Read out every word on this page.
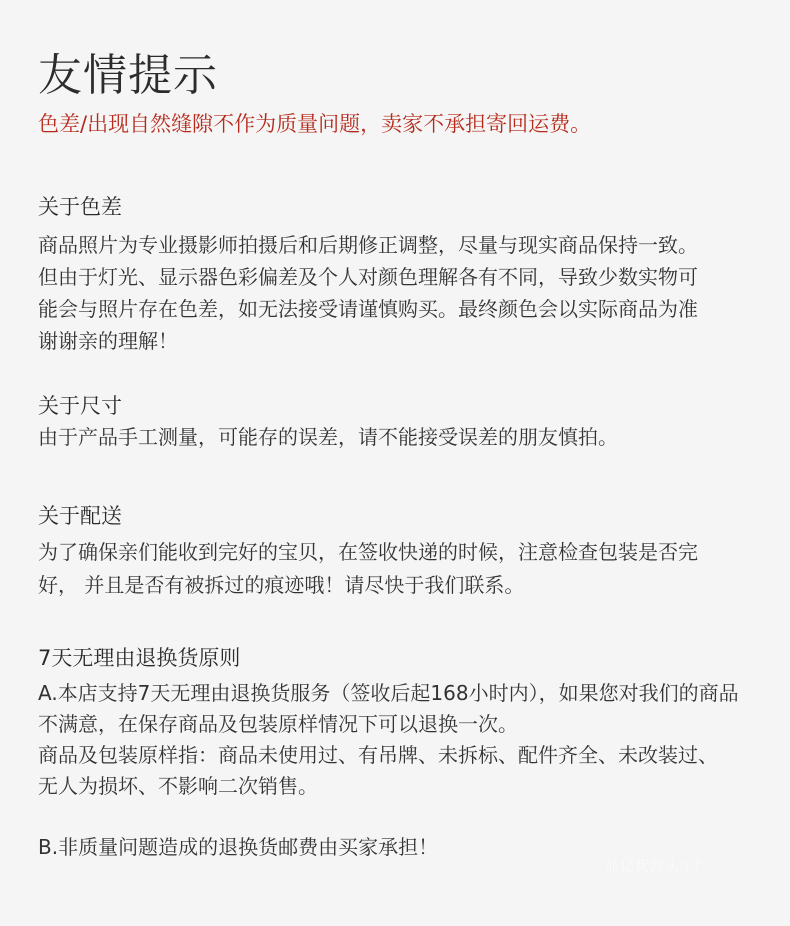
友情提示
色差/出现自然缝隙不作为质量问题，卖家不承担寄回运费。
关于色差
商品照片为专业摄影师拍摄后和后期修正调整，尽量与现实商品保持一致。
但由于灯光、显示器色彩偏差及个人对颜色理解各有不同，导致少数实物可
能会与照片存在色差，如无法接受请谨慎购买。最终颜色会以实际商品为准
谢谢亲的理解！
关于尺寸
由于产品手工测量，可能存的误差，请不能接受误差的朋友慎拍。
关于配送
为了确保亲们能收到完好的宝贝，在签收快递的时候，注意检查包装是否完
好， 并且是否有被拆过的痕迹哦！请尽快于我们联系。
7天无理由退换货原则
A.本店支持7天无理由退换货服务（签收后起168小时内），如果您对我们的商品
不满意，在保存商品及包装原样情况下可以退换一次。
商品及包装原样指：商品未使用过、有吊牌、未拆标、配件齐全、未改装过、
无人为损坏、不影响二次销售。
B.非质量问题造成的退换货邮费由买家承担！
品亿优源头工厂
